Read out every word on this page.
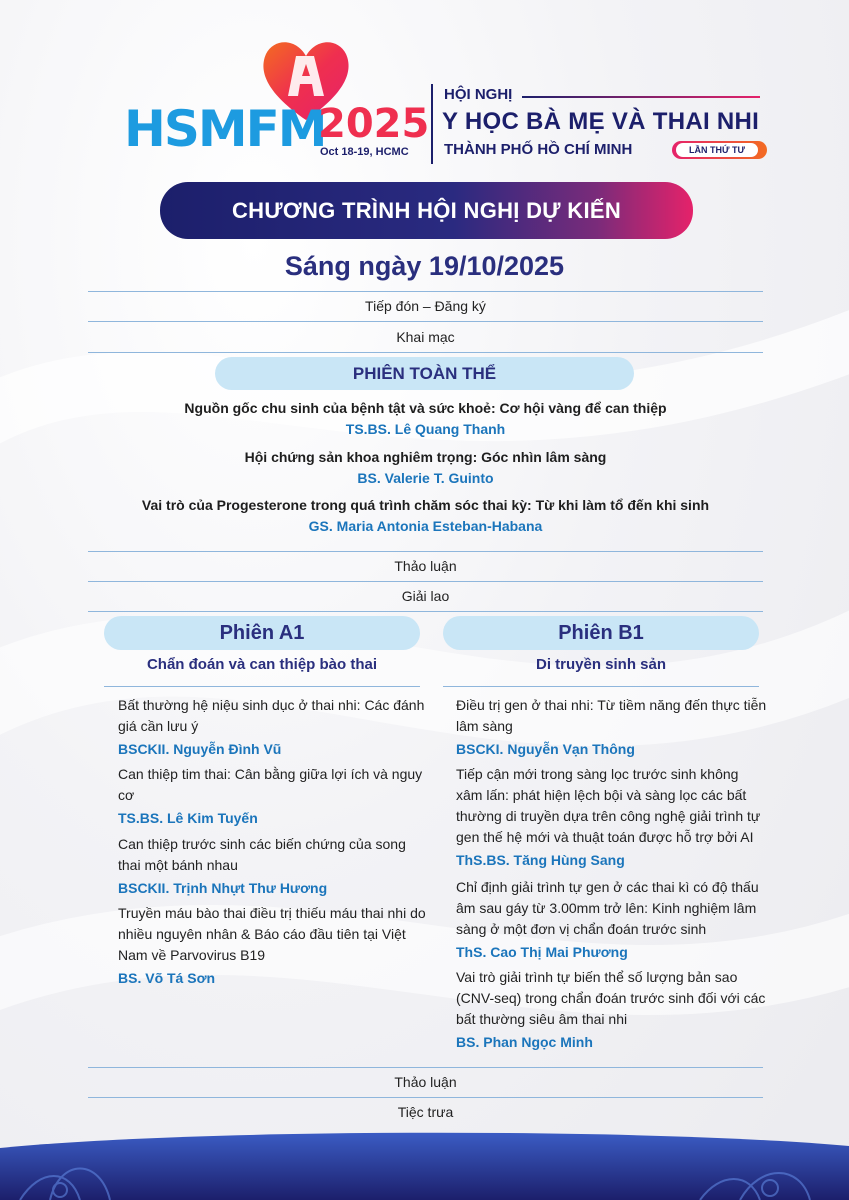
HSMFM
2025
Oct 18-19, HCMC
HỘI NGHỊ
Y HỌC BÀ MẸ VÀ THAI NHI
THÀNH PHỐ HỒ CHÍ MINH	LẦN THỨ TƯ
CHƯƠNG TRÌNH HỘI NGHỊ DỰ KIẾN
Sáng ngày 19/10/2025
Tiếp đón – Đăng ký
Khai mạc
PHIÊN TOÀN THỂ
Nguồn gốc chu sinh của bệnh tật và sức khoẻ: Cơ hội vàng để can thiệp
TS.BS. Lê Quang Thanh
Hội chứng sản khoa nghiêm trọng: Góc nhìn lâm sàng
BS. Valerie T. Guinto
Vai trò của Progesterone trong quá trình chăm sóc thai kỳ: Từ khi làm tổ đến khi sinh
GS. Maria Antonia Esteban-Habana
Thảo luận
Giải lao
Phiên A1
Chẩn đoán và can thiệp bào thai
Bất thường hệ niệu sinh dục ở thai nhi: Các đánh giá cần lưu ý
BSCKII. Nguyễn Đình Vũ
Can thiệp tim thai: Cân bằng giữa lợi ích và nguy cơ
TS.BS. Lê Kim Tuyến
Can thiệp trước sinh các biến chứng của song thai một bánh nhau
BSCKII. Trịnh Nhựt Thư Hương
Truyền máu bào thai điều trị thiếu máu thai nhi do nhiều nguyên nhân & Báo cáo đầu tiên tại Việt Nam về Parvovirus B19
BS. Võ Tá Sơn
Phiên B1
Di truyền sinh sản
Điều trị gen ở thai nhi: Từ tiềm năng đến thực tiễn lâm sàng
BSCKI. Nguyễn Vạn Thông
Tiếp cận mới trong sàng lọc trước sinh không xâm lấn: phát hiện lệch bội và sàng lọc các bất thường di truyền dựa trên công nghệ giải trình tự gen thế hệ mới và thuật toán được hỗ trợ bởi AI
ThS.BS. Tăng Hùng Sang
Chỉ định giải trình tự gen ở các thai kì có độ thấu âm sau gáy từ 3.00mm trở lên: Kinh nghiệm lâm sàng ở một đơn vị chẩn đoán trước sinh
ThS. Cao Thị Mai Phương
Vai trò giải trình tự biến thể số lượng bản sao (CNV-seq) trong chẩn đoán trước sinh đối với các bất thường siêu âm thai nhi
BS. Phan Ngọc Minh
Thảo luận
Tiệc trưa
